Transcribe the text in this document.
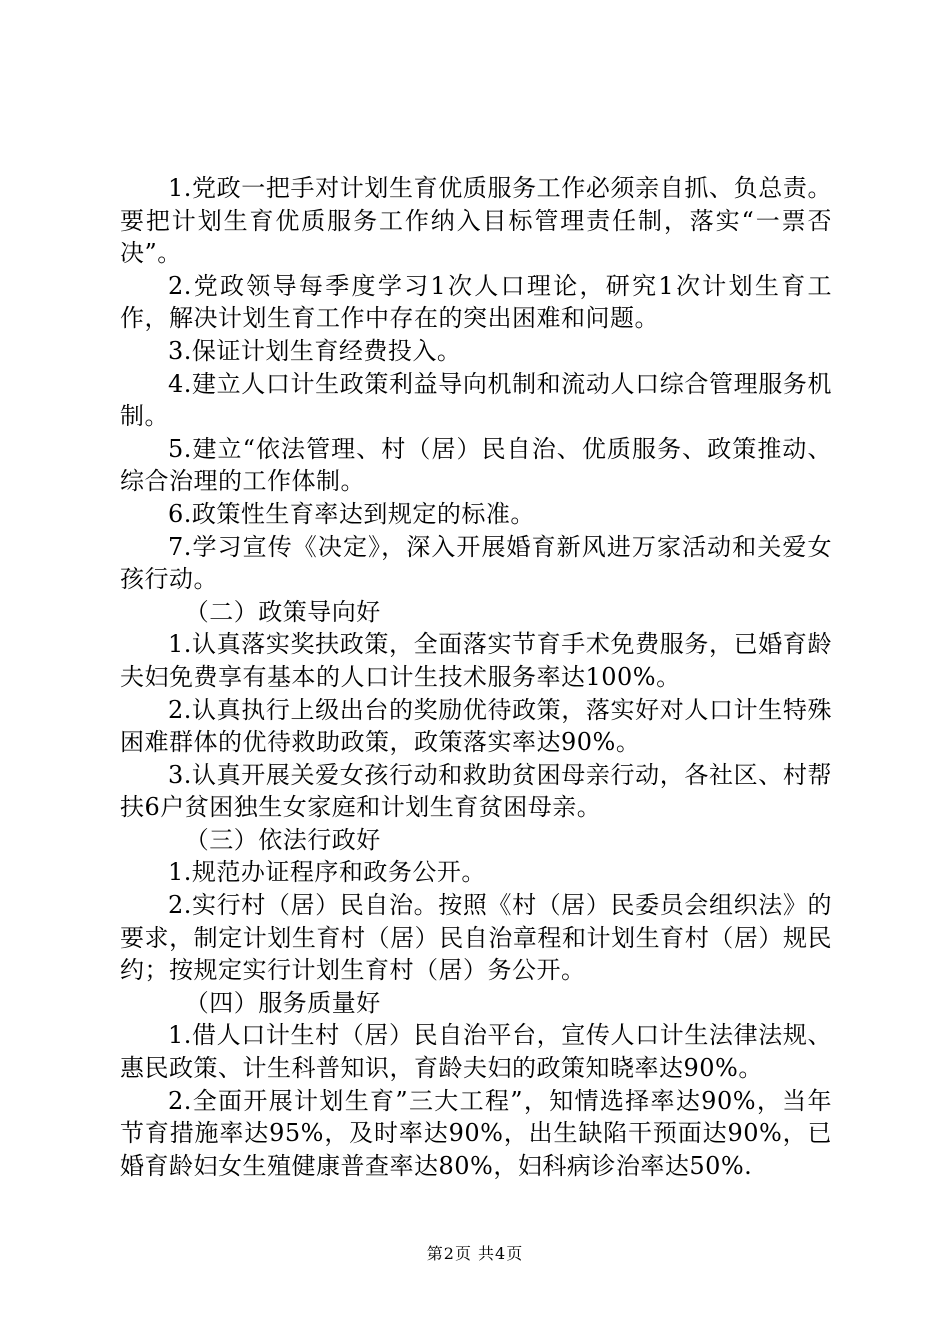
1.党政一把手对计划生育优质服务工作必须亲自抓、负总责。要把计划生育优质服务工作纳入目标管理责任制，落实“一票否决”。

2.党政领导每季度学习1次人口理论，研究1次计划生育工作，解决计划生育工作中存在的突出困难和问题。

3.保证计划生育经费投入。

4.建立人口计生政策利益导向机制和流动人口综合管理服务机制。

5.建立“依法管理、村（居）民自治、优质服务、政策推动、综合治理的工作体制。

6.政策性生育率达到规定的标准。

7.学习宣传《决定》，深入开展婚育新风进万家活动和关爱女孩行动。

（二）政策导向好

1.认真落实奖扶政策，全面落实节育手术免费服务，已婚育龄夫妇免费享有基本的人口计生技术服务率达100%。

2.认真执行上级出台的奖励优待政策，落实好对人口计生特殊困难群体的优待救助政策，政策落实率达90%。

3.认真开展关爱女孩行动和救助贫困母亲行动，各社区、村帮扶6户贫困独生女家庭和计划生育贫困母亲。

（三）依法行政好

1.规范办证程序和政务公开。

2.实行村（居）民自治。按照《村（居）民委员会组织法》的要求，制定计划生育村（居）民自治章程和计划生育村（居）规民约；按规定实行计划生育村（居）务公开。

（四）服务质量好

1.借人口计生村（居）民自治平台，宣传人口计生法律法规、惠民政策、计生科普知识，育龄夫妇的政策知晓率达90%。

2.全面开展计划生育”三大工程”，知情选择率达90%，当年节育措施率达95%，及时率达90%，出生缺陷干预面达90%，已婚育龄妇女生殖健康普查率达80%，妇科病诊治率达50%.

第2页 共4页
